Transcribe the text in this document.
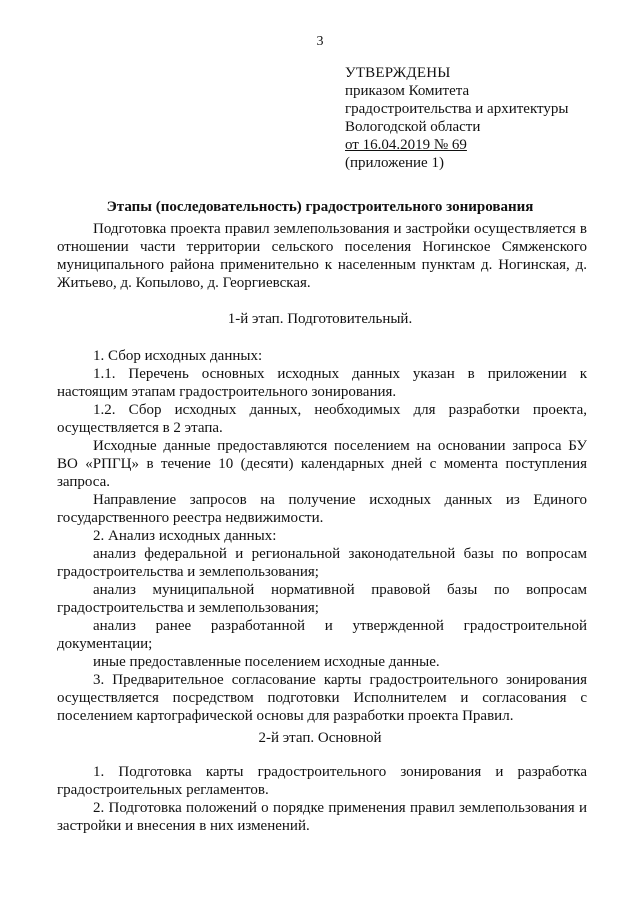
3
УТВЕРЖДЕНЫ
приказом Комитета
градостроительства и архитектуры
Вологодской области
от 16.04.2019 № 69
(приложение 1)
Этапы (последовательность) градостроительного зонирования

Подготовка проекта правил землепользования и застройки осуществляется в отношении части территории сельского поселения Ногинское Сямженского муниципального района применительно к населенным пунктам д. Ногинская, д. Житьево, д. Копылово, д. Георгиевская.

1-й этап. Подготовительный.

1. Сбор исходных данных:

1.1. Перечень основных исходных данных указан в приложении к настоящим этапам градостроительного зонирования.

1.2. Сбор исходных данных, необходимых для разработки проекта, осуществляется в 2 этапа.

Исходные данные предоставляются поселением на основании запроса БУ ВО «РПГЦ» в течение 10 (десяти) календарных дней с момента поступления запроса.

Направление запросов на получение исходных данных из Единого государственного реестра недвижимости.

2. Анализ исходных данных:

анализ федеральной и региональной законодательной базы по вопросам градостроительства и землепользования;

анализ муниципальной нормативной правовой базы по вопросам градостроительства и землепользования;

анализ ранее разработанной и утвержденной градостроительной документации;

иные предоставленные поселением исходные данные.

3. Предварительное согласование карты градостроительного зонирования осуществляется посредством подготовки Исполнителем и согласования с поселением картографической основы для разработки проекта Правил.

2-й этап. Основной

1. Подготовка карты градостроительного зонирования и разработка градостроительных регламентов.

2. Подготовка положений о порядке применения правил землепользования и застройки и внесения в них изменений.
